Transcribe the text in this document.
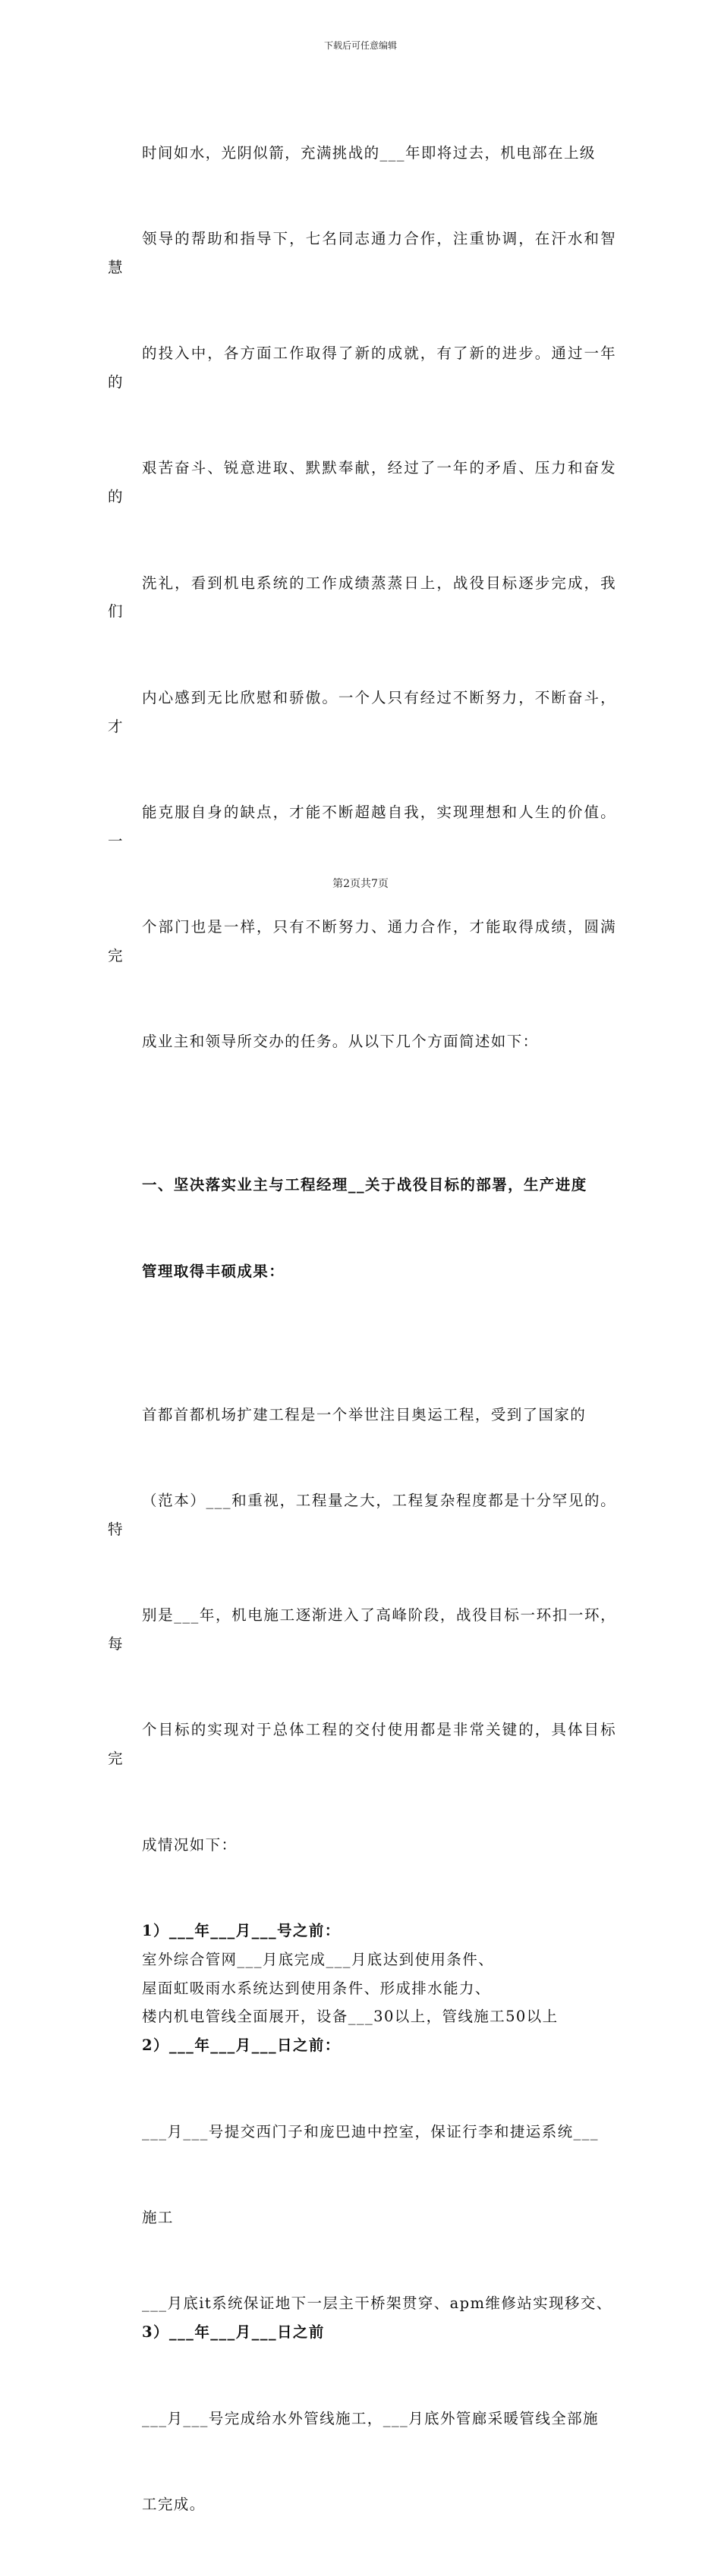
下载后可任意编辑

时间如水，光阴似箭，充满挑战的___年即将过去，机电部在上级

领导的帮助和指导下，七名同志通力合作，注重协调，在汗水和智慧

的投入中，各方面工作取得了新的成就，有了新的进步。通过一年的

艰苦奋斗、锐意进取、默默奉献，经过了一年的矛盾、压力和奋发的

洗礼，看到机电系统的工作成绩蒸蒸日上，战役目标逐步完成，我们

内心感到无比欣慰和骄傲。一个人只有经过不断努力，不断奋斗，才

能克服自身的缺点，才能不断超越自我，实现理想和人生的价值。一

个部门也是一样，只有不断努力、通力合作，才能取得成绩，圆满完

成业主和领导所交办的任务。从以下几个方面简述如下：

一、坚决落实业主与工程经理__关于战役目标的部署，生产进度

管理取得丰硕成果：

首都首都机场扩建工程是一个举世注目奥运工程，受到了国家的

（范本）___和重视，工程量之大，工程复杂程度都是十分罕见的。特

别是___年，机电施工逐渐进入了高峰阶段，战役目标一环扣一环，每

个目标的实现对于总体工程的交付使用都是非常关键的，具体目标完

成情况如下：

1）___年___月___号之前：

室外综合管网___月底完成___月底达到使用条件、

屋面虹吸雨水系统达到使用条件、形成排水能力、

楼内机电管线全面展开，设备___30以上，管线施工50以上

2）___年___月___日之前：

___月___号提交西门子和庞巴迪中控室，保证行李和捷运系统___

施工

___月底it系统保证地下一层主干桥架贯穿、apm维修站实现移交、

3）___年___月___日之前

___月___号完成给水外管线施工，___月底外管廊采暖管线全部施

工完成。

第2页共7页
